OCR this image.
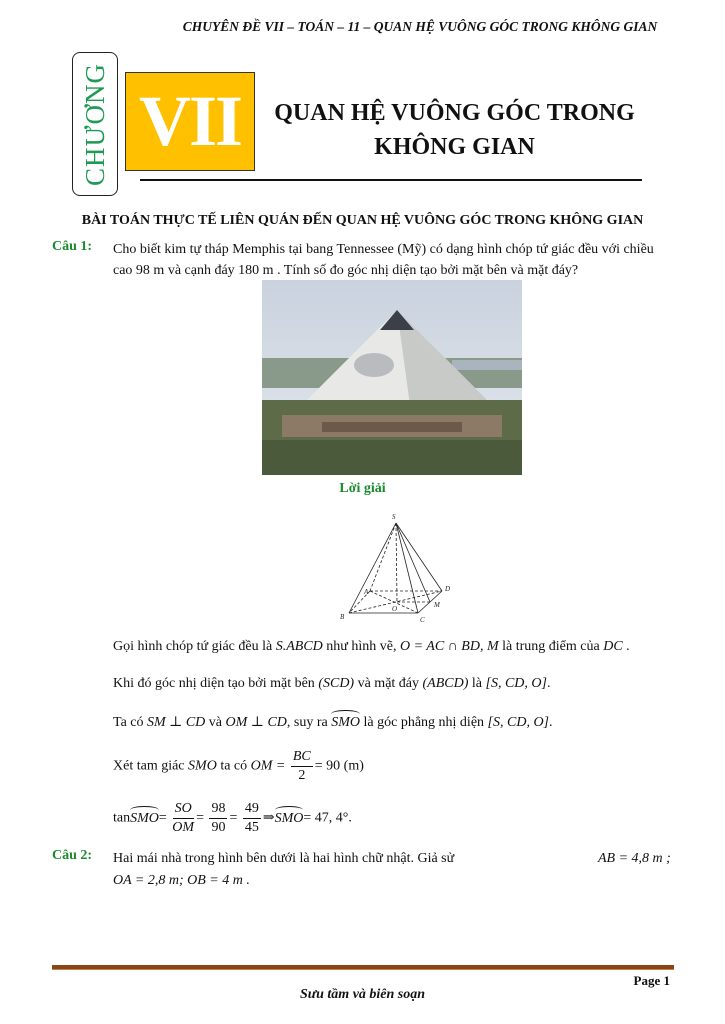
CHUYÊN ĐỀ VII – TOÁN – 11 – QUAN HỆ VUÔNG GÓC TRONG KHÔNG GIAN
CHƯƠNG VII	QUAN HỆ VUÔNG GÓC TRONG
KHÔNG GIAN
BÀI TOÁN THỰC TẾ LIÊN QUÁN ĐẾN QUAN HỆ VUÔNG GÓC TRONG KHÔNG GIAN
Câu 1: Cho biết kim tự tháp Memphis tại bang Tennessee (Mỹ) có dạng hình chóp tứ giác đều với chiều
cao 98 m và cạnh đáy 180 m . Tính số đo góc nhị diện tạo bởi mặt bên và mặt đáy?
Lời giải
S
A
B	C
D
O	M
Gọi hình chóp tứ giác đều là S.ABCD như hình vẽ, O = AC ∩ BD, M là trung điểm của DC .
Khi đó góc nhị diện tạo bởi mặt bên (SCD) và mặt đáy (ABCD) là [S, CD, O].
Ta có SM ⊥ CD và OM ⊥ CD, suy ra SMO là góc phẳng nhị diện [S, CD, O].
Xét tam giác SMO ta có OM = $\frac{BC}{2} = 90$ (m)
tanSMO= $\frac{SO}{OM} = \frac{98}{90} = \frac{49}{45}$ ⇒SMO= 47, 4°.
Câu 2: Hai mái nhà trong hình bên dưới là hai hình chữ nhật. Giả sử	AB = 4,8 m ;
OA = 2,8 m; OB = 4 m .
Page 1
Sưu tầm và biên soạn
